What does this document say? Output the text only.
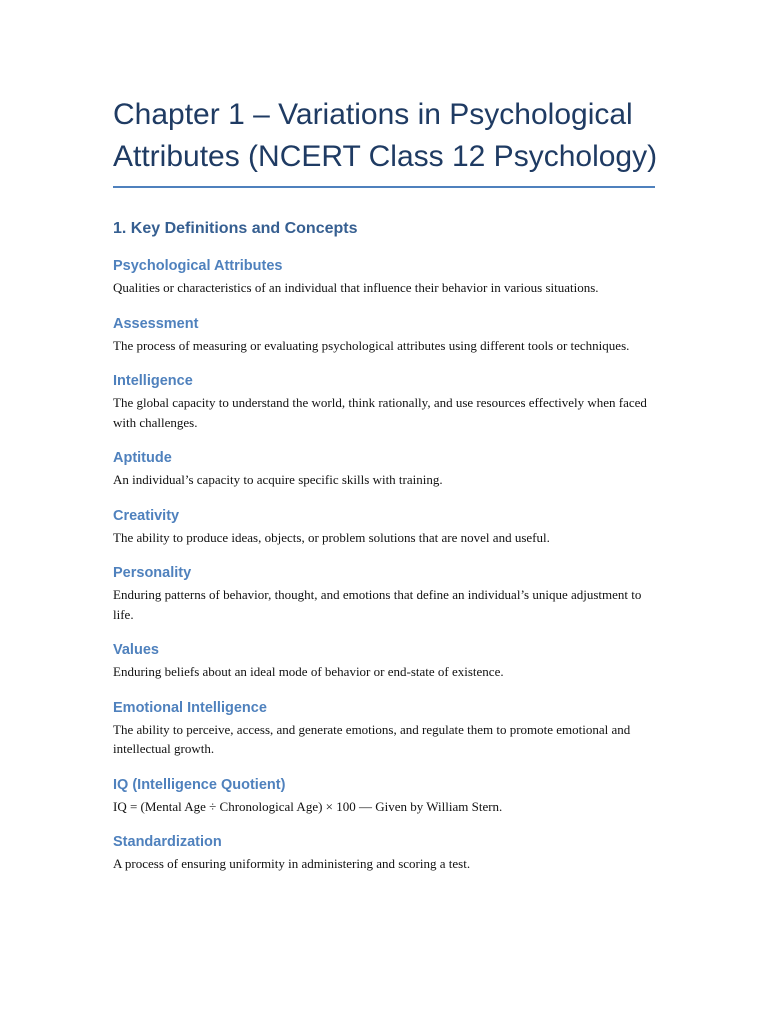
Chapter 1 – Variations in Psychological Attributes (NCERT Class 12 Psychology)
1. Key Definitions and Concepts
Psychological Attributes

Qualities or characteristics of an individual that influence their behavior in various situations.

Assessment

The process of measuring or evaluating psychological attributes using different tools or techniques.

Intelligence

The global capacity to understand the world, think rationally, and use resources effectively when faced with challenges.

Aptitude

An individual’s capacity to acquire specific skills with training.

Creativity

The ability to produce ideas, objects, or problem solutions that are novel and useful.

Personality

Enduring patterns of behavior, thought, and emotions that define an individual’s unique adjustment to life.

Values

Enduring beliefs about an ideal mode of behavior or end-state of existence.

Emotional Intelligence

The ability to perceive, access, and generate emotions, and regulate them to promote emotional and intellectual growth.

IQ (Intelligence Quotient)

IQ = (Mental Age ÷ Chronological Age) × 100 — Given by William Stern.

Standardization

A process of ensuring uniformity in administering and scoring a test.
